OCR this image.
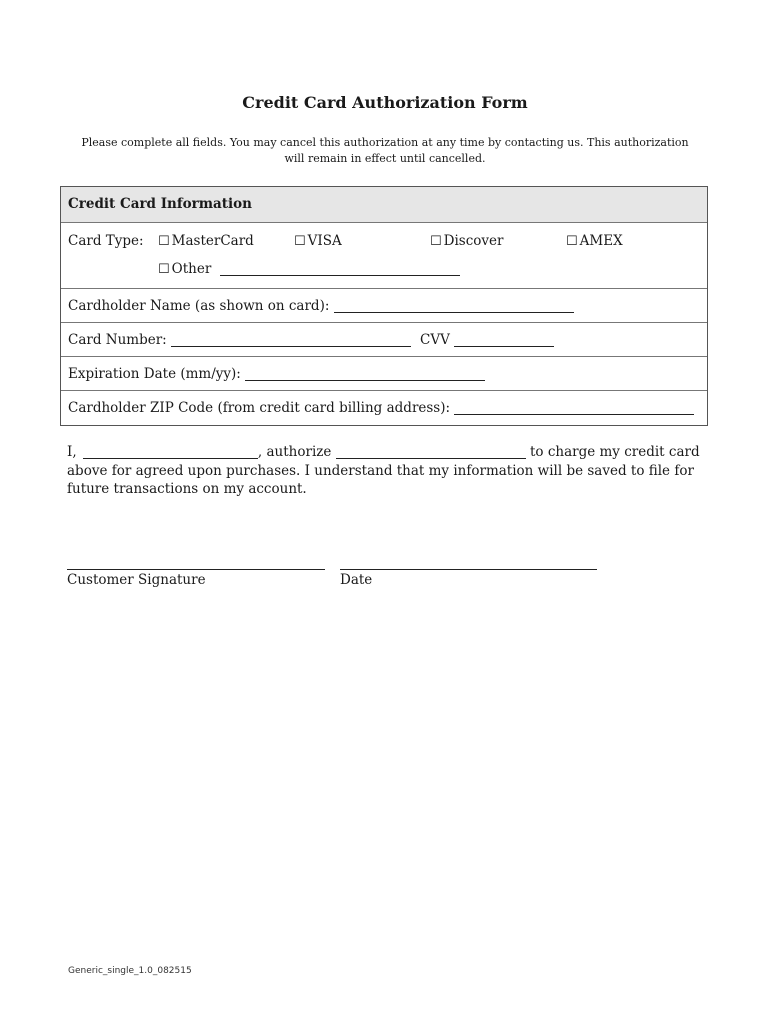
Credit Card Authorization Form
Please complete all fields. You may cancel this authorization at any time by contacting us. This authorization will remain in effect until cancelled.
Credit Card Information
Card Type: ☐ MasterCard	☐ VISA	☐ Discover	☐ AMEX
☐ Other
Cardholder Name (as shown on card):
Card Number:	CVV
Expiration Date (mm/yy):
Cardholder ZIP Code (from credit card billing address):
I,	, authorize	to charge my credit card above for agreed upon purchases. I understand that my information will be saved to file for future transactions on my account.
Customer Signature	Date
Generic_single_1.0_082515
